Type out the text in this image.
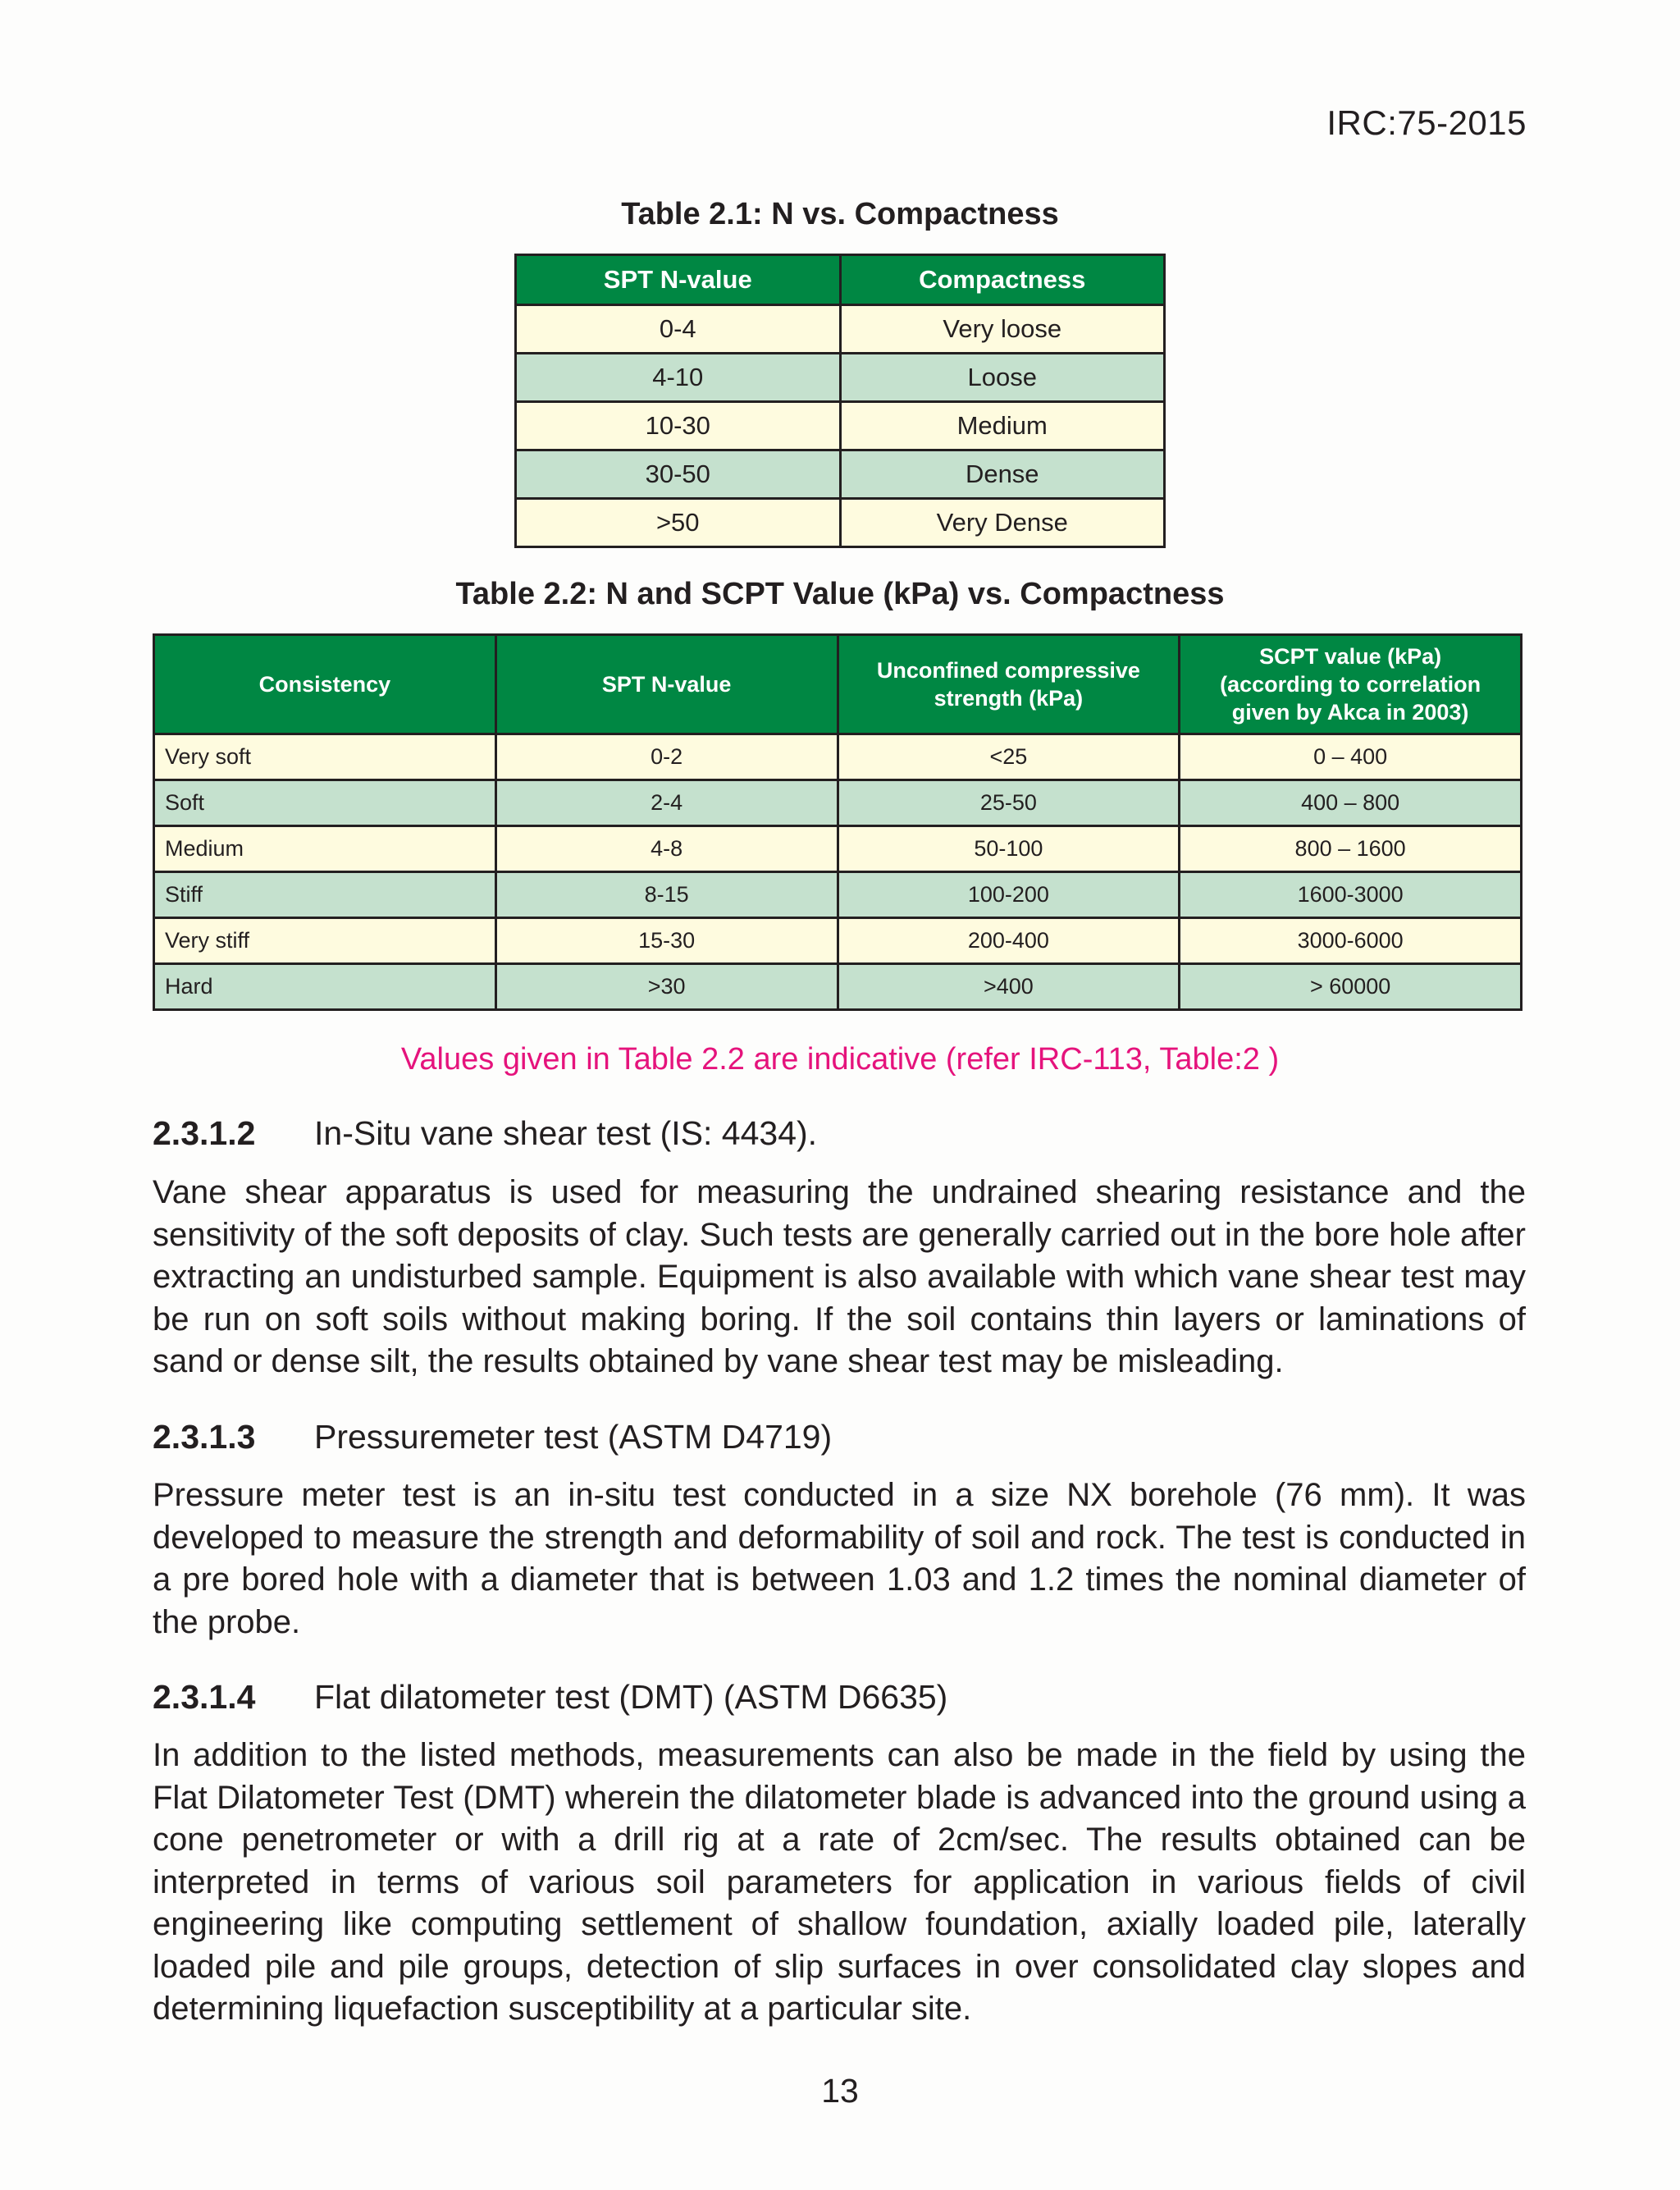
IRC:75-2015
Table 2.1: N vs. Compactness
SPT N-value	Compactness
0-4	Very loose
4-10	Loose
10-30	Medium
30-50	Dense
>50	Very Dense
Table 2.2: N and SCPT Value (kPa) vs. Compactness
Consistency	SPT N-value	Unconfined compressive strength (kPa)	SCPT value (kPa) (according to correlation given by Akca in 2003)
Very soft	0-2	<25	0 – 400
Soft	2-4	25-50	400 – 800
Medium	4-8	50-100	800 – 1600
Stiff	8-15	100-200	1600-3000
Very stiff	15-30	200-400	3000-6000
Hard	>30	>400	> 60000
Values given in Table 2.2 are indicative (refer IRC-113, Table:2 )
2.3.1.2 In-Situ vane shear test (IS: 4434).
Vane shear apparatus is used for measuring the undrained shearing resistance and the sensitivity of the soft deposits of clay. Such tests are generally carried out in the bore hole after extracting an undisturbed sample. Equipment is also available with which vane shear test may be run on soft soils without making boring. If the soil contains thin layers or laminations of sand or dense silt, the results obtained by vane shear test may be misleading.
2.3.1.3 Pressuremeter test (ASTM D4719)
Pressure meter test is an in-situ test conducted in a size NX borehole (76 mm). It was developed to measure the strength and deformability of soil and rock. The test is conducted in a pre bored hole with a diameter that is between 1.03 and 1.2 times the nominal diameter of the probe.
2.3.1.4 Flat dilatometer test (DMT) (ASTM D6635)
In addition to the listed methods, measurements can also be made in the field by using the Flat Dilatometer Test (DMT) wherein the dilatometer blade is advanced into the ground using a cone penetrometer or with a drill rig at a rate of 2cm/sec. The results obtained can be interpreted in terms of various soil parameters for application in various fields of civil engineering like computing settlement of shallow foundation, axially loaded pile, laterally loaded pile and pile groups, detection of slip surfaces in over consolidated clay slopes and determining liquefaction susceptibility at a particular site.
13
